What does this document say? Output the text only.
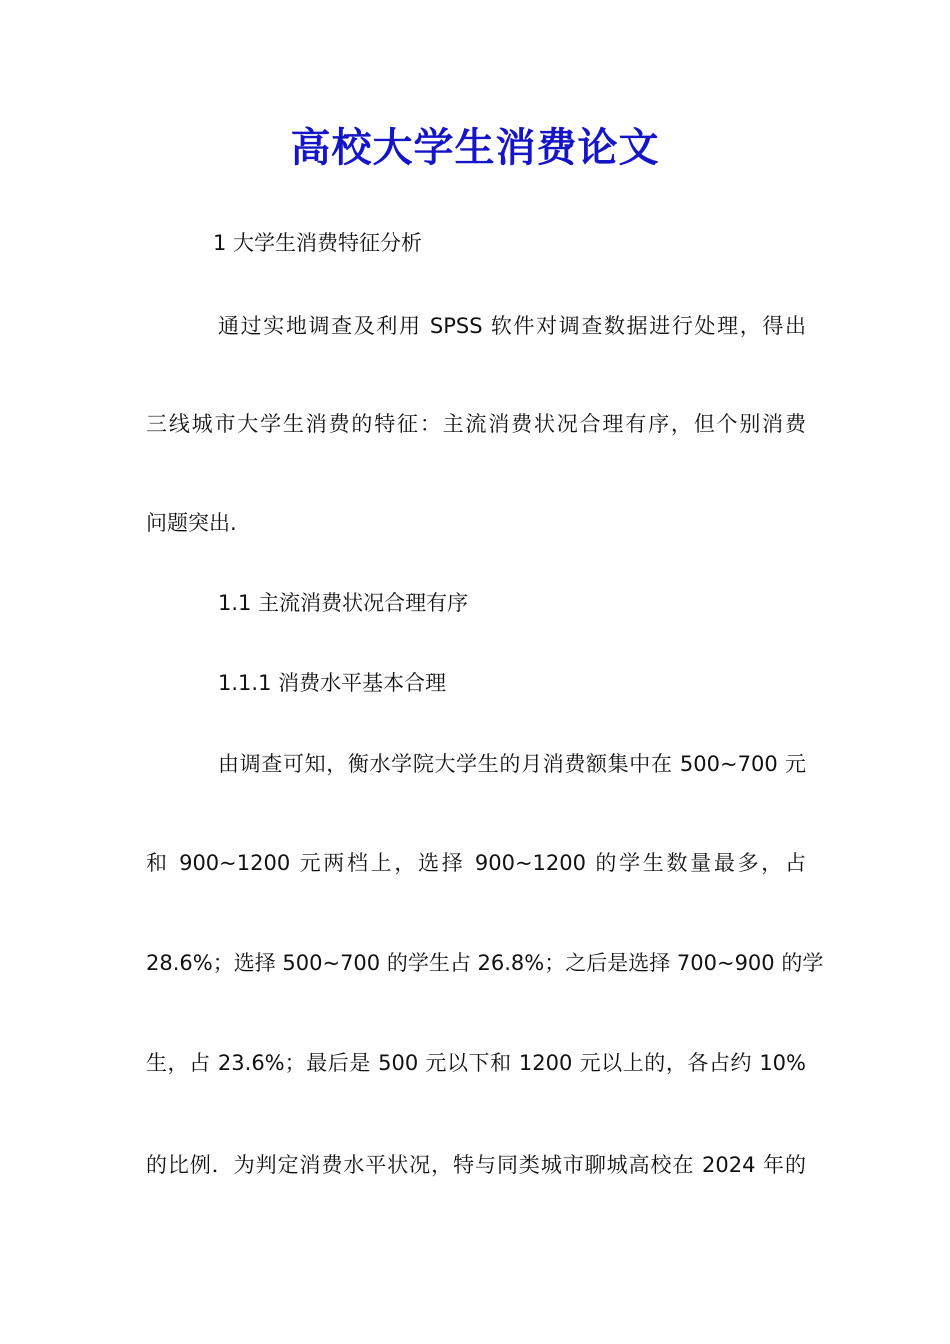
高校大学生消费论文
1 大学生消费特征分析
通过实地调查及利用 SPSS 软件对调查数据进行处理，得出
三线城市大学生消费的特征：主流消费状况合理有序，但个别消费
问题突出.
1.1 主流消费状况合理有序
1.1.1 消费水平基本合理
由调查可知，衡水学院大学生的月消费额集中在 500~700 元
和 900~1200 元两档上，选择 900~1200 的学生数量最多，占
28.6%；选择 500~700 的学生占 26.8%；之后是选择 700~900 的学
生，占 23.6%；最后是 500 元以下和 1200 元以上的，各占约 10%
的比例．为判定消费水平状况，特与同类城市聊城高校在 2024 年的
